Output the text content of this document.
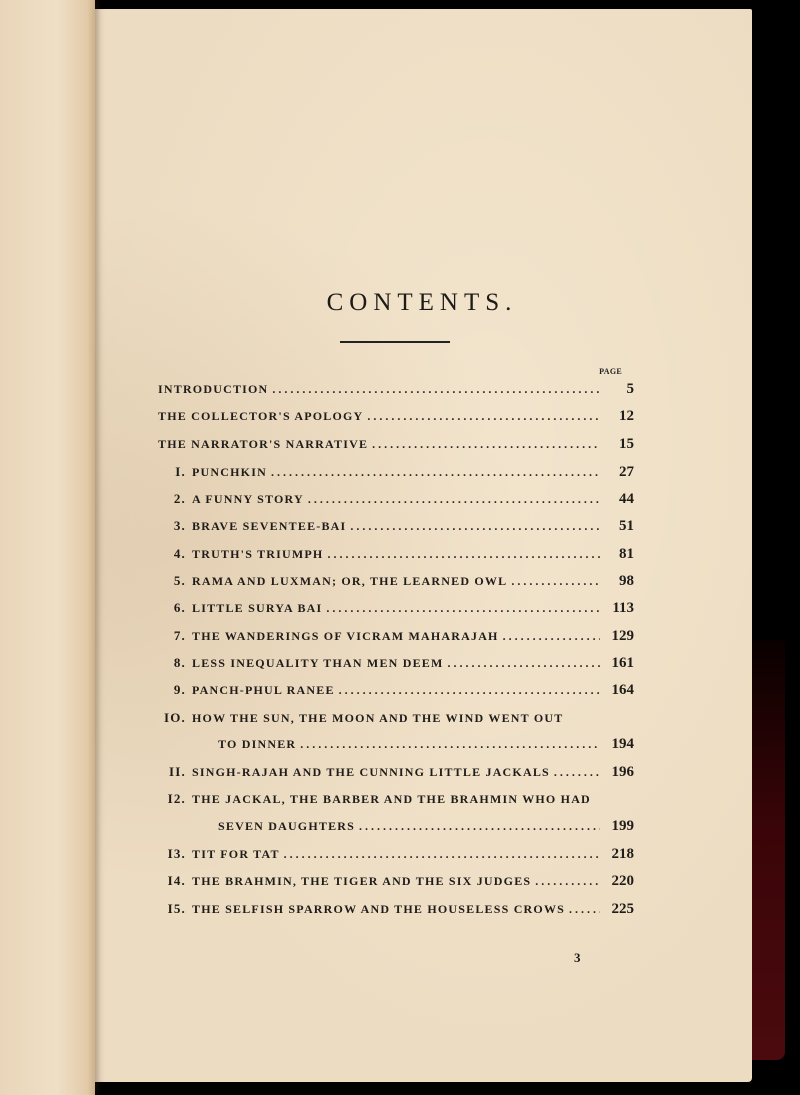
CONTENTS.
PAGE
INTRODUCTION . . .	5
THE COLLECTOR'S APOLOGY . . .	12
THE NARRATOR'S NARRATIVE . . .	15
I. PUNCHKIN . . .	27
2. A FUNNY STORY . . .	44
3. BRAVE SEVENTEE-BAI . . .	51
4. TRUTH'S TRIUMPH . . .	81
5. RAMA AND LUXMAN; OR, THE LEARNED OWL . . .	98
6. LITTLE SURYA BAI . . .	113
7. THE WANDERINGS OF VICRAM MAHARAJAH . . .	129
8. LESS INEQUALITY THAN MEN DEEM . . .	161
9. PANCH-PHUL RANEE . . .	164
IO. HOW THE SUN, THE MOON AND THE WIND WENT OUT
TO DINNER . . .	194
II. SINGH-RAJAH AND THE CUNNING LITTLE JACKALS . . .	196
I2. THE JACKAL, THE BARBER AND THE BRAHMIN WHO HAD
SEVEN DAUGHTERS . . .	199
I3. TIT FOR TAT . . .	218
I4. THE BRAHMIN, THE TIGER AND THE SIX JUDGES . . .	220
I5. THE SELFISH SPARROW AND THE HOUSELESS CROWS . . .	225
3
